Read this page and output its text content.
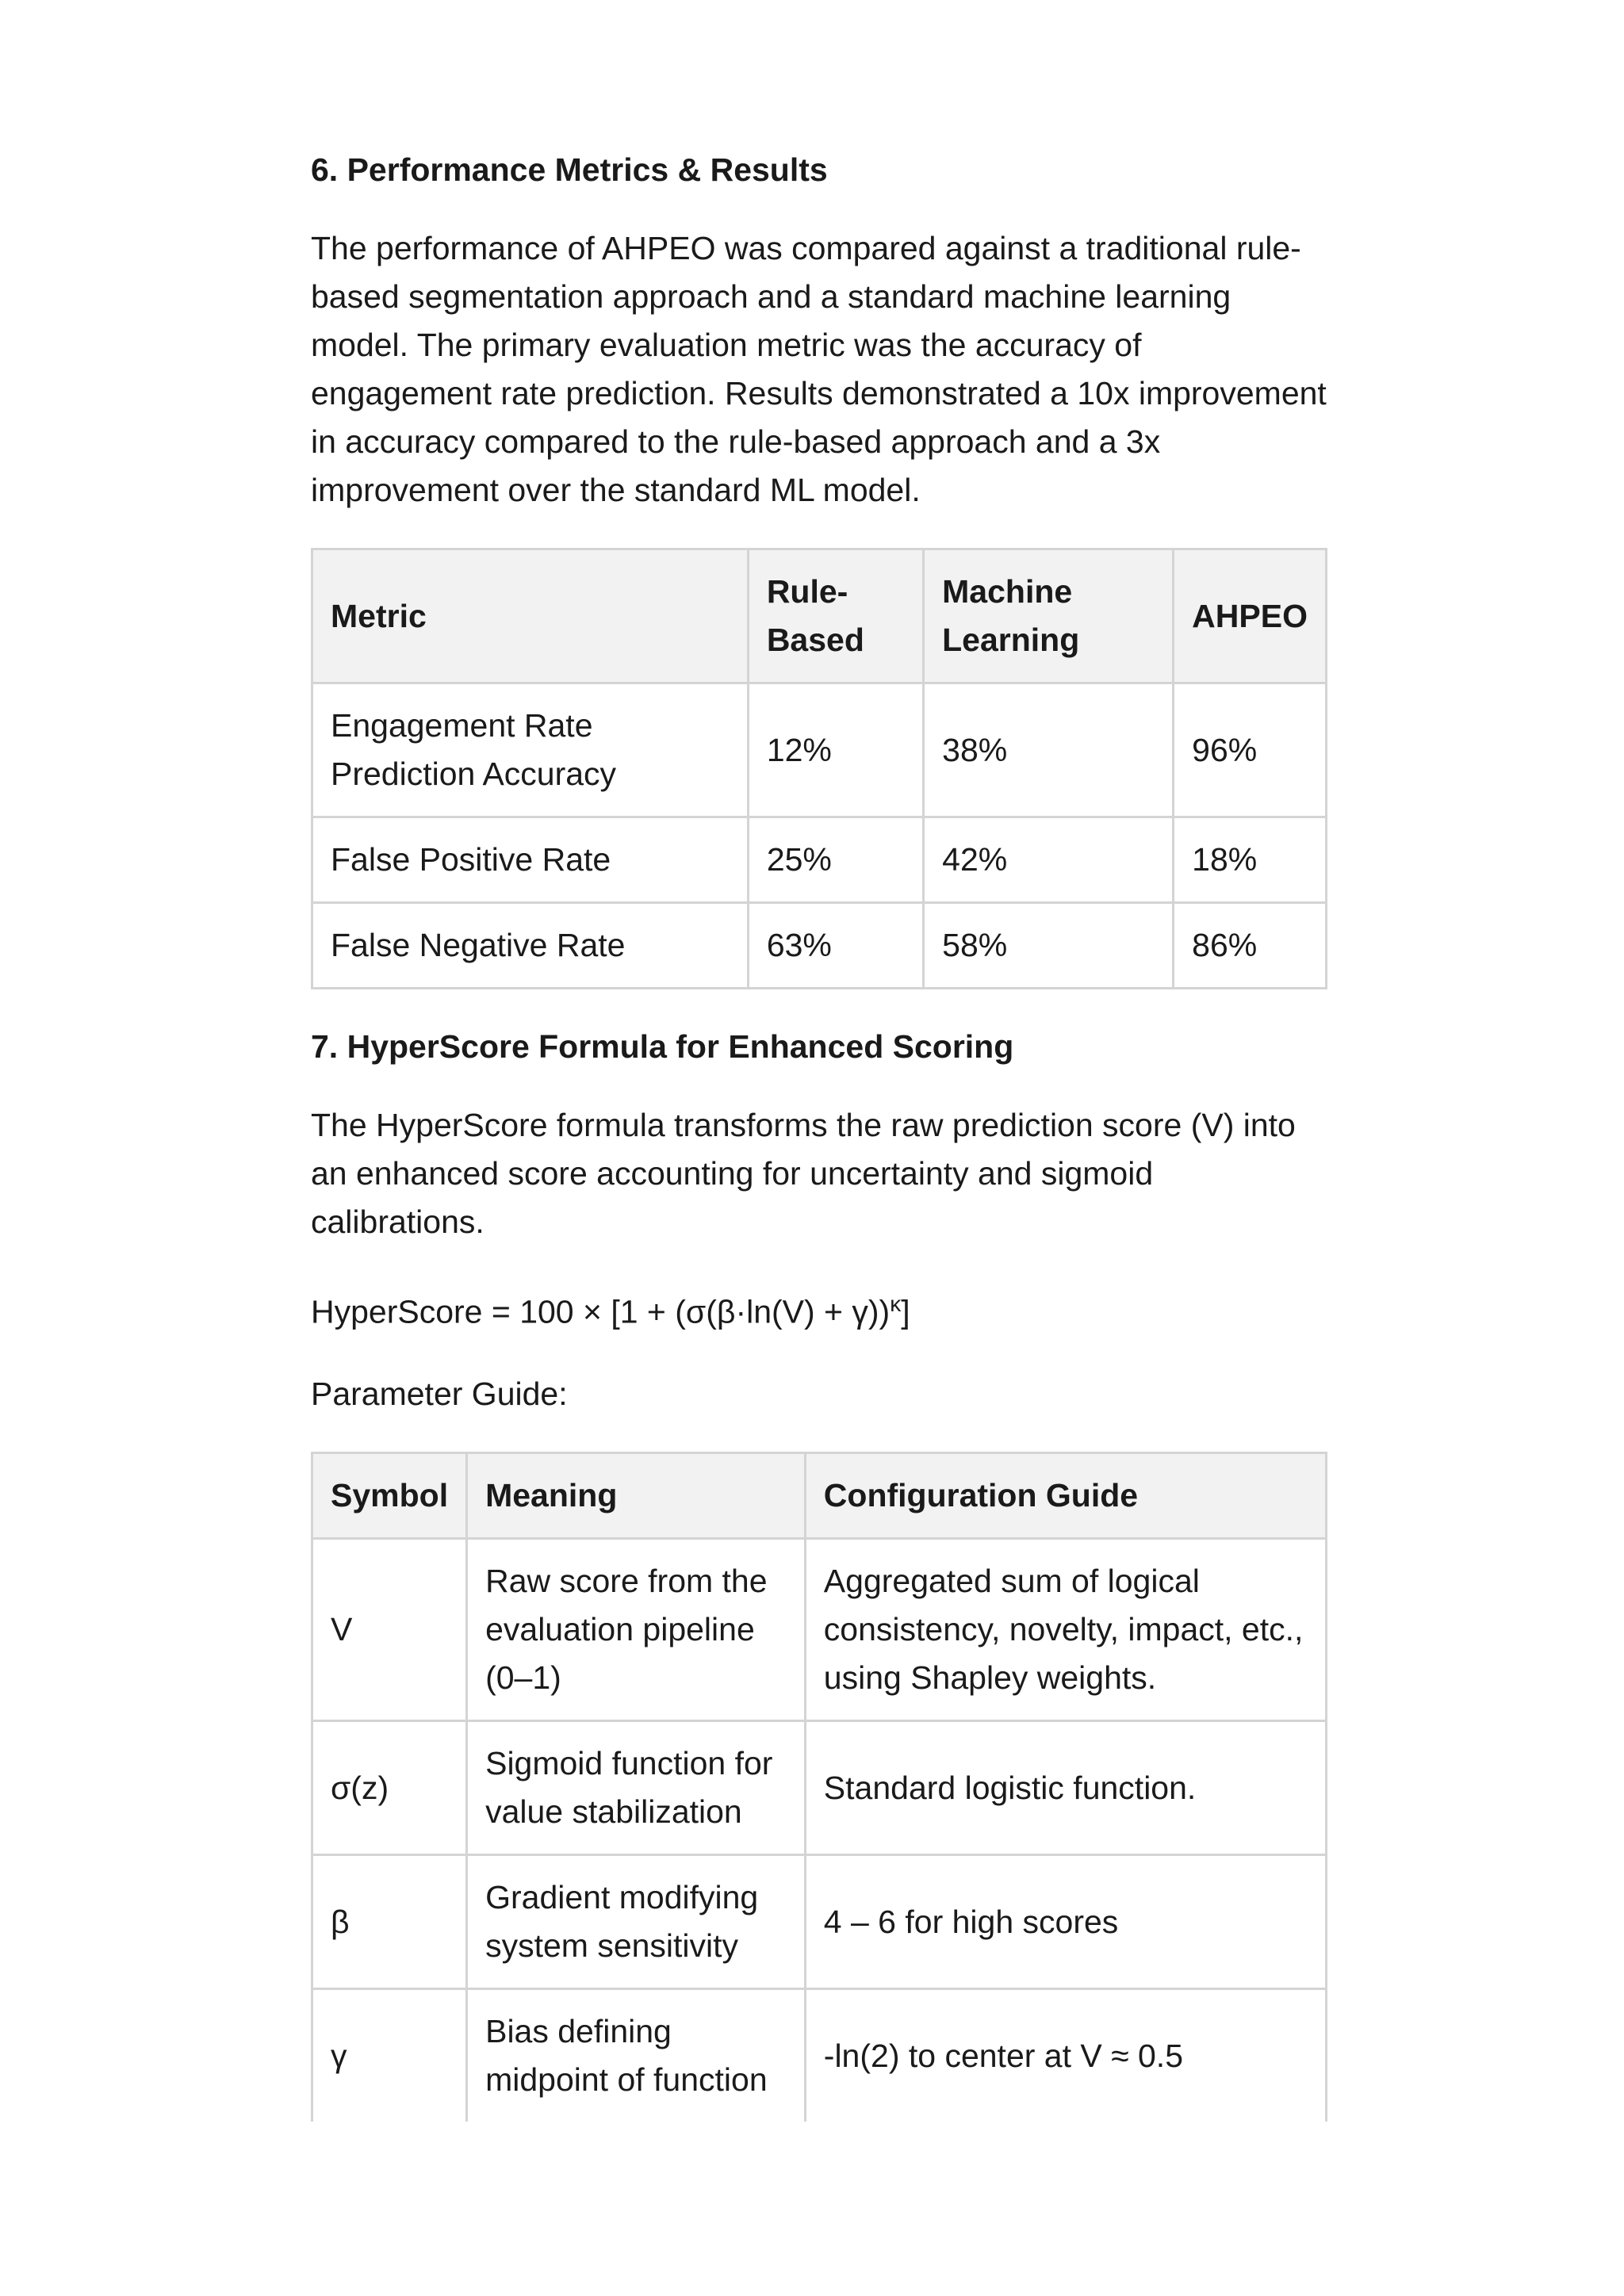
6. Performance Metrics & Results

The performance of AHPEO was compared against a traditional rule-based segmentation approach and a standard machine learning model. The primary evaluation metric was the accuracy of engagement rate prediction. Results demonstrated a 10x improvement in accuracy compared to the rule-based approach and a 3x improvement over the standard ML model.

Metric	Rule-Based	Machine Learning	AHPEO
Engagement Rate Prediction Accuracy	12%	38%	96%
False Positive Rate	25%	42%	18%
False Negative Rate	63%	58%	86%
7. HyperScore Formula for Enhanced Scoring

The HyperScore formula transforms the raw prediction score (V) into an enhanced score accounting for uncertainty and sigmoid calibrations.

HyperScore = $100 \times [1 + (\sigma(\beta\cdot\ln(V) + \gamma))^\kappa]$

Parameter Guide:

Symbol	Meaning	Configuration Guide
V	Raw score from the evaluation pipeline (0–1)	Aggregated sum of logical consistency, novelty, impact, etc., using Shapley weights.
σ(z)	Sigmoid function for value stabilization	Standard logistic function.
β	Gradient modifying system sensitivity	4 – 6 for high scores
γ	Bias defining midpoint of function	-ln(2) to center at V ≈ 0.5
